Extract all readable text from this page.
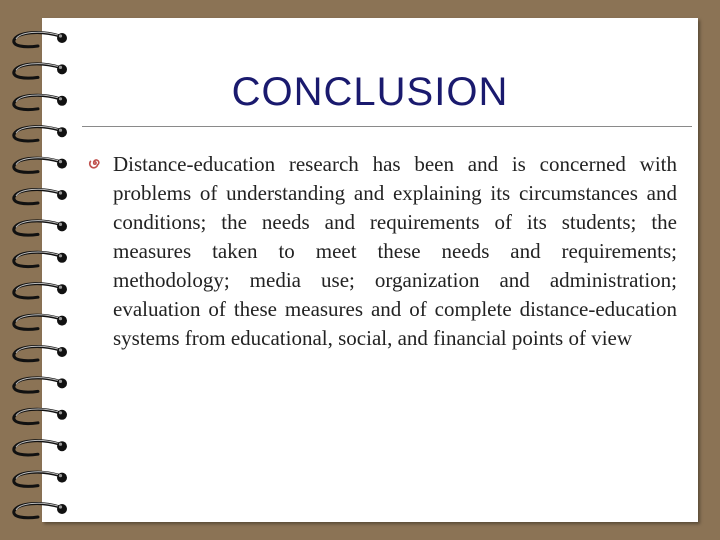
CONCLUSION
Distance-education research has been and is concerned with problems of understanding and explaining its circumstances and conditions; the needs and requirements of its students; the measures taken to meet these needs and requirements; methodology; media use; organization and administration; evaluation of these measures and of complete distance-education systems from educational, social, and financial points of view
